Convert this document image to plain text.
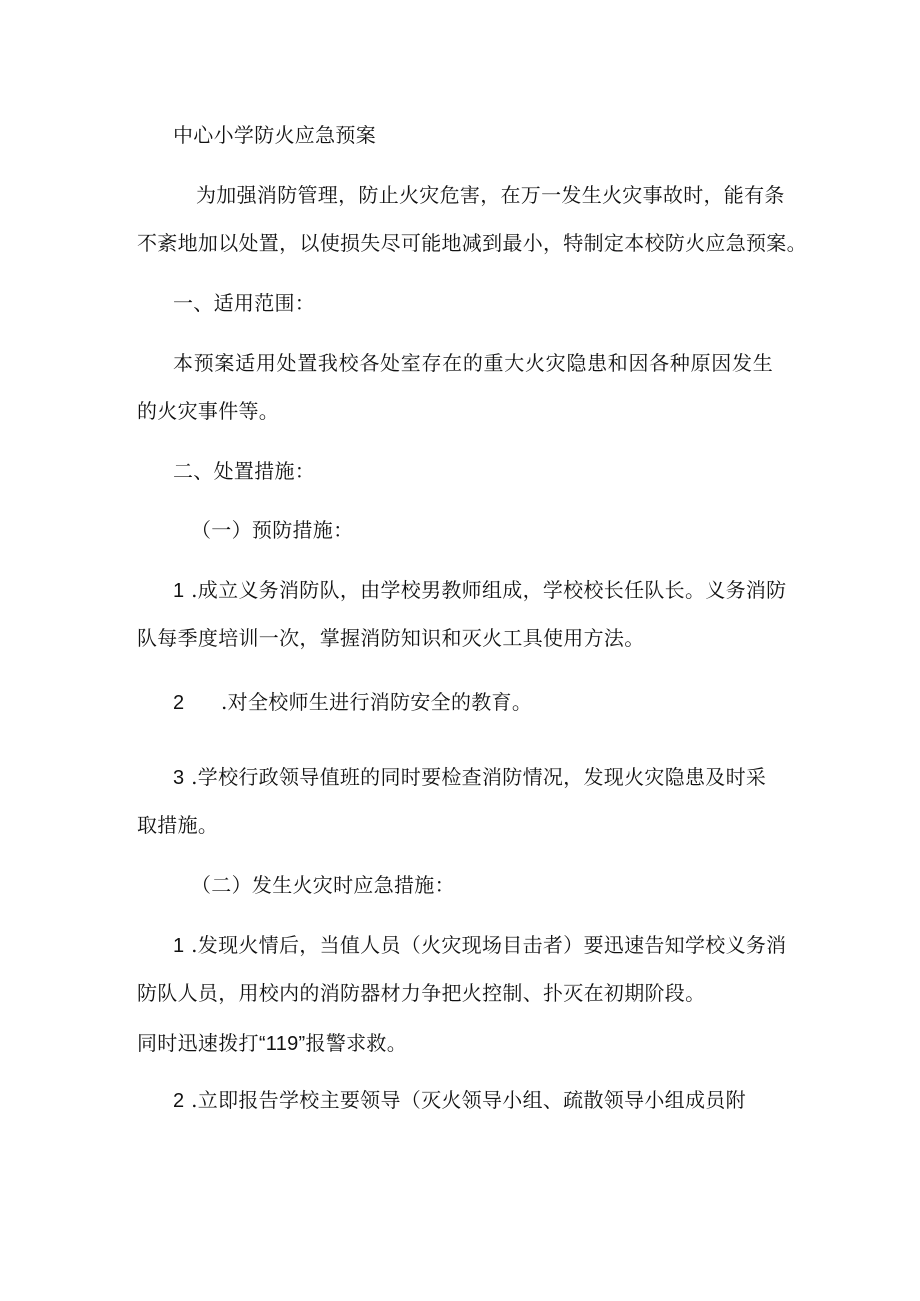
中心小学防火应急预案
为加强消防管理，防止火灾危害，在万一发生火灾事故时，能有条
不紊地加以处置，以使损失尽可能地减到最小，特制定本校防火应急预案。
一、适用范围：
本预案适用处置我校各处室存在的重大火灾隐患和因各种原因发生
的火灾事件等。
二、处置措施：
（一）预防措施：
1 .成立义务消防队，由学校男教师组成，学校校长任队长。义务消防
队每季度培训一次，掌握消防知识和灭火工具使用方法。
2 .对全校师生进行消防安全的教育。
3 .学校行政领导值班的同时要检查消防情况，发现火灾隐患及时采
取措施。
（二）发生火灾时应急措施：
1 .发现火情后，当值人员（火灾现场目击者）要迅速告知学校义务消
防队人员，用校内的消防器材力争把火控制、扑灭在初期阶段。
同时迅速拨打“119”报警求救。
2 .立即报告学校主要领导（灭火领导小组、疏散领导小组成员附
